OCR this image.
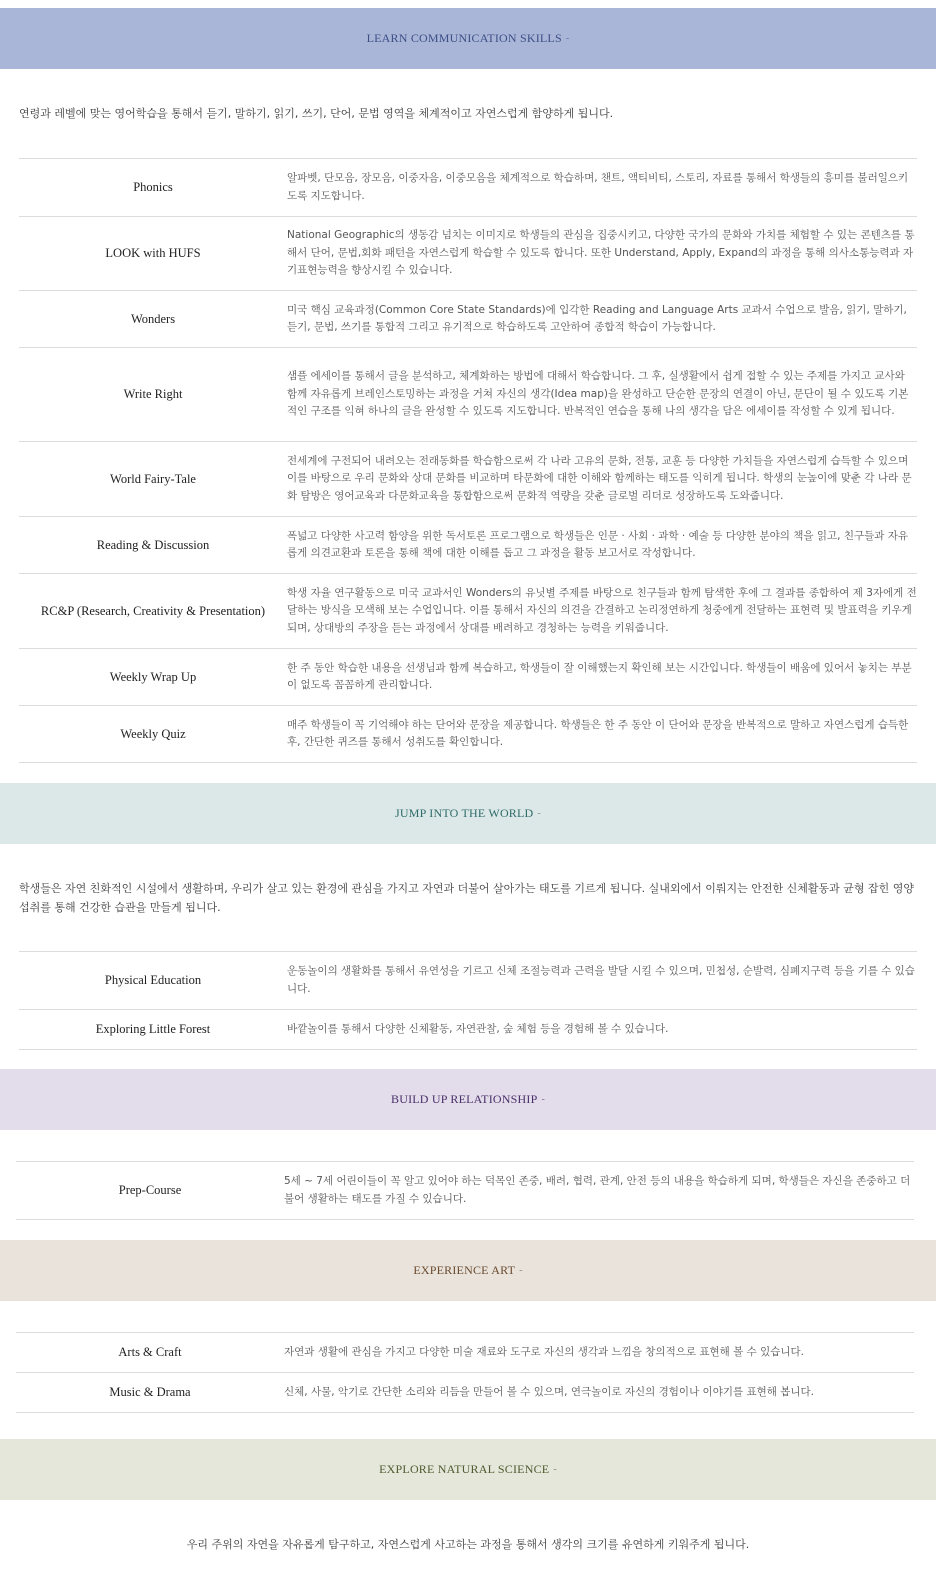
LEARN COMMUNICATION SKILLS -

연령과 레벨에 맞는 영어학습을 통해서 듣기, 말하기, 읽기, 쓰기, 단어, 문법 영역을 체계적이고 자연스럽게 함양하게 됩니다.

Phonics	알파벳, 단모음, 장모음, 이중자음, 이중모음을 체계적으로 학습하며, 챈트, 액티비티, 스토리, 자료를 통해서 학생들의 흥미를 불러일으키도록 지도합니다.
LOOK with HUFS	National Geographic의 생동감 넘치는 이미지로 학생들의 관심을 집중시키고, 다양한 국가의 문화와 가치를 체험할 수 있는 콘텐츠를 통해서 단어, 문법,회화 패턴을 자연스럽게 학습할 수 있도록 합니다. 또한 Understand, Apply, Expand의 과정을 통해 의사소통능력과 자기표현능력을 향상시킬 수 있습니다.
Wonders	미국 핵심 교육과정(Common Core State Standards)에 입각한 Reading and Language Arts 교과서 수업으로 발음, 읽기, 말하기, 듣기, 문법, 쓰기를 통합적 그리고 유기적으로 학습하도록 고안하여 종합적 학습이 가능합니다.
Write Right	샘플 에세이를 통해서 글을 분석하고, 체계화하는 방법에 대해서 학습합니다. 그 후, 실생활에서 쉽게 접할 수 있는 주제를 가지고 교사와 함께 자유롭게 브레인스토밍하는 과정을 거쳐 자신의 생각(Idea map)을 완성하고 단순한 문장의 연결이 아닌, 문단이 될 수 있도록 기본적인 구조를 익혀 하나의 글을 완성할 수 있도록 지도합니다. 반복적인 연습을 통해 나의 생각을 담은 에세이를 작성할 수 있게 됩니다.
World Fairy-Tale	전세계에 구전되어 내려오는 전래동화를 학습함으로써 각 나라 고유의 문화, 전통, 교훈 등 다양한 가치들을 자연스럽게 습득할 수 있으며 이를 바탕으로 우리 문화와 상대 문화를 비교하며 타문화에 대한 이해와 함께하는 태도를 익히게 됩니다. 학생의 눈높이에 맞춘 각 나라 문화 탐방은 영어교육과 다문화교육을 통합함으로써 문화적 역량을 갖춘 글로벌 리더로 성장하도록 도와줍니다.
Reading & Discussion	폭넓고 다양한 사고력 함양을 위한 독서토론 프로그램으로 학생들은 인문 · 사회 · 과학 · 예술 등 다양한 분야의 책을 읽고, 친구들과 자유롭게 의견교환과 토론을 통해 책에 대한 이해를 돕고 그 과정을 활동 보고서로 작성합니다.
RC&P (Research, Creativity & Presentation)	학생 자율 연구활동으로 미국 교과서인 Wonders의 유닛별 주제를 바탕으로 친구들과 함께 탐색한 후에 그 결과를 종합하여 제 3자에게 전달하는 방식을 모색해 보는 수업입니다. 이를 통해서 자신의 의견을 간결하고 논리정연하게 청중에게 전달하는 표현력 및 발표력을 키우게 되며, 상대방의 주장을 듣는 과정에서 상대를 배려하고 경청하는 능력을 키워줍니다.
Weekly Wrap Up	한 주 동안 학습한 내용을 선생님과 함께 복습하고, 학생들이 잘 이해했는지 확인해 보는 시간입니다. 학생들이 배움에 있어서 놓치는 부분이 없도록 꼼꼼하게 관리합니다.
Weekly Quiz	매주 학생들이 꼭 기억해야 하는 단어와 문장을 제공합니다. 학생들은 한 주 동안 이 단어와 문장을 반복적으로 말하고 자연스럽게 습득한 후, 간단한 퀴즈를 통해서 성취도를 확인합니다.
JUMP INTO THE WORLD -

학생들은 자연 친화적인 시설에서 생활하며, 우리가 살고 있는 환경에 관심을 가지고 자연과 더불어 살아가는 태도를 기르게 됩니다. 실내외에서 이뤄지는 안전한 신체활동과 균형 잡힌 영양 섭취를 통해 건강한 습관을 만들게 됩니다.

Physical Education	운동놀이의 생활화를 통해서 유연성을 기르고 신체 조절능력과 근력을 발달 시킬 수 있으며, 민첩성, 순발력, 심폐지구력 등을 기를 수 있습니다.
Exploring Little Forest	바깥놀이를 통해서 다양한 신체활동, 자연관찰, 숲 체험 등을 경험해 볼 수 있습니다.
BUILD UP RELATIONSHIP -
Prep-Course	5세 ~ 7세 어린이들이 꼭 알고 있어야 하는 덕목인 존중, 배려, 협력, 관계, 안전 등의 내용을 학습하게 되며, 학생들은 자신을 존중하고 더불어 생활하는 태도를 가질 수 있습니다.
EXPERIENCE ART -
Arts & Craft	자연과 생활에 관심을 가지고 다양한 미술 재료와 도구로 자신의 생각과 느낌을 창의적으로 표현해 볼 수 있습니다.
Music & Drama	신체, 사물, 악기로 간단한 소리와 리듬을 만들어 볼 수 있으며, 연극놀이로 자신의 경험이나 이야기를 표현해 봅니다.
EXPLORE NATURAL SCIENCE -

우리 주위의 자연을 자유롭게 탐구하고, 자연스럽게 사고하는 과정을 통해서 생각의 크기를 유연하게 키워주게 됩니다.
